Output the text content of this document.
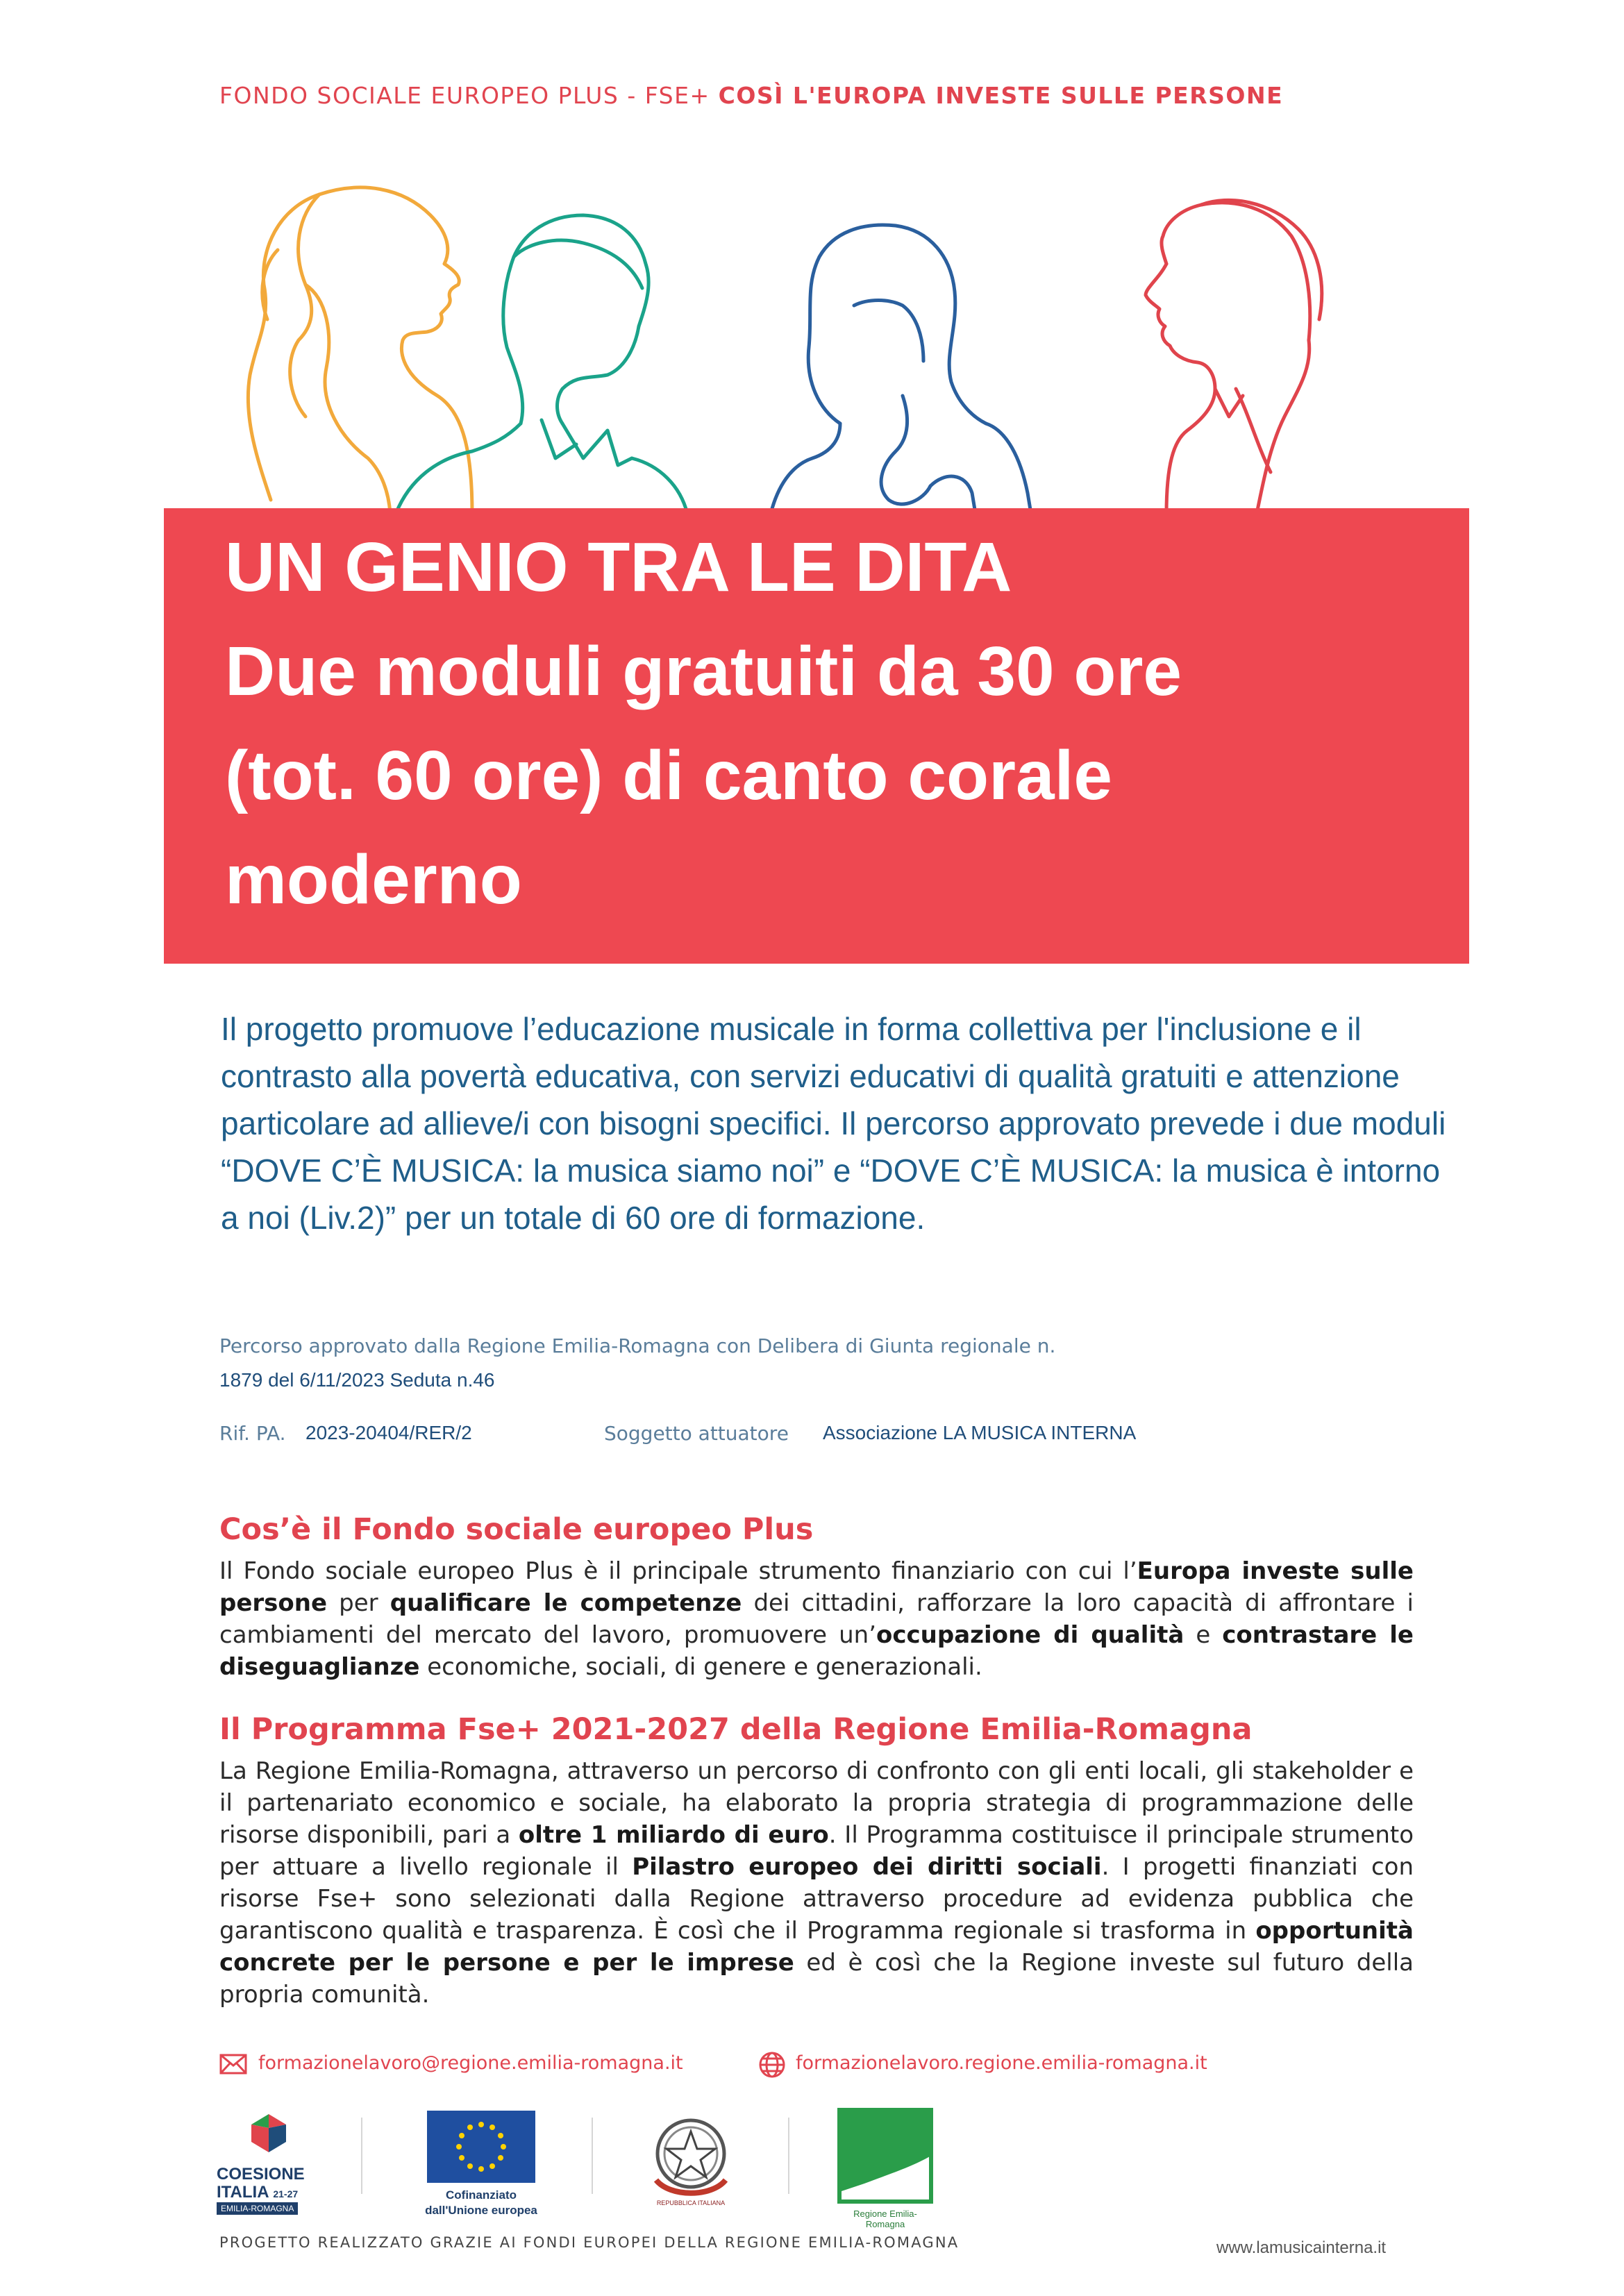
FONDO SOCIALE EUROPEO PLUS - FSE+ COSÌ L'EUROPA INVESTE SULLE PERSONE
UN GENIO TRA LE DITA
Due moduli gratuiti da 30 ore
(tot. 60 ore) di canto corale
moderno
Il progetto promuove l’educazione musicale in forma collettiva per l'inclusione e il contrasto alla povertà educativa, con servizi educativi di qualità gratuiti e attenzione particolare ad allieve/i con bisogni specifici. Il percorso approvato prevede i due moduli “DOVE C’È MUSICA: la musica siamo noi” e “DOVE C’È MUSICA: la musica è intorno a noi (Liv.2)” per un totale di 60 ore di formazione.
Percorso approvato dalla Regione Emilia-Romagna con Delibera di Giunta regionale n.
1879 del 6/11/2023 Seduta n.46
Rif. PA. 2023-20404/RER/2	Soggetto attuatore Associazione LA MUSICA INTERNA
Cos’è il Fondo sociale europeo Plus
Il Fondo sociale europeo Plus è il principale strumento finanziario con cui l’Europa investe sulle persone per qualificare le competenze dei cittadini, rafforzare la loro capacità di affrontare i cambiamenti del mercato del lavoro, promuovere un’occupazione di qualità e contrastare le diseguaglianze economiche, sociali, di genere e generazionali.
Il Programma Fse+ 2021-2027 della Regione Emilia-Romagna
La Regione Emilia-Romagna, attraverso un percorso di confronto con gli enti locali, gli stakeholder e il partenariato economico e sociale, ha elaborato la propria strategia di programmazione delle risorse disponibili, pari a oltre 1 miliardo di euro. Il Programma costituisce il principale strumento per attuare a livello regionale il Pilastro europeo dei diritti sociali. I progetti finanziati con risorse Fse+ sono selezionati dalla Regione attraverso procedure ad evidenza pubblica che garantiscono qualità e trasparenza. È così che il Programma regionale si trasforma in opportunità concrete per le persone e per le imprese ed è così che la Regione investe sul futuro della propria comunità.
formazionelavoro@regione.emilia-romagna.it	formazionelavoro.regione.emilia-romagna.it
COESIONE
ITALIA 21-27
EMILIA-ROMAGNA
Cofinanziato
dall'Unione europea
REPUBBLICA ITALIANA
Regione Emilia-Romagna
PROGETTO REALIZZATO GRAZIE AI FONDI EUROPEI DELLA REGIONE EMILIA-ROMAGNA	www.lamusicainterna.it
